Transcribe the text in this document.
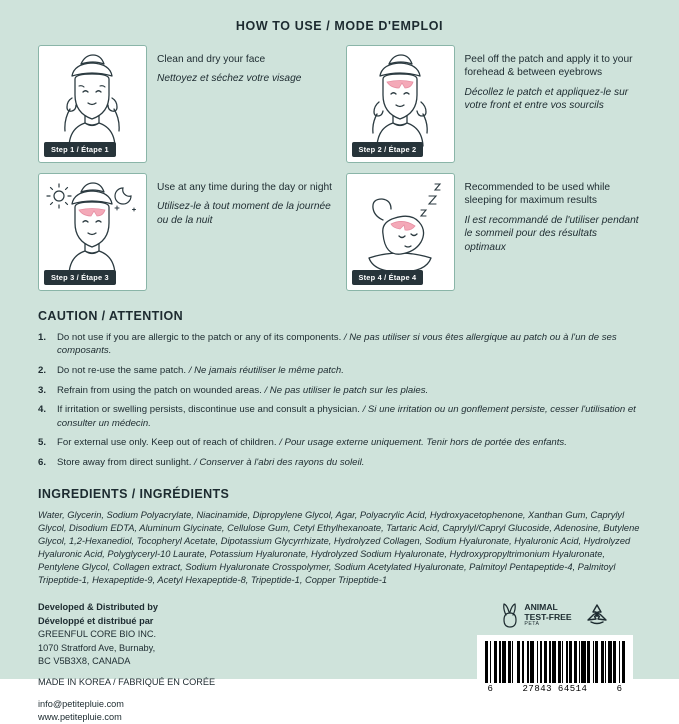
HOW TO USE / MODE D'EMPLOI
Step 1 / Étape 1
Clean and dry your face
Nettoyez et séchez votre visage
Step 2 / Étape 2
Peel off the patch and apply it to your forehead & between eyebrows
Décollez le patch et appliquez-le sur votre front et entre vos sourcils
Step 3 / Étape 3
Use at any time during the day or night
Utilisez-le à tout moment de la journée ou de la nuit
Step 4 / Étape 4
Recommended to be used while sleeping for maximum results
Il est recommandé de l'utiliser pendant le sommeil pour des résultats optimaux
CAUTION / ATTENTION
1. Do not use if you are allergic to the patch or any of its components. / Ne pas utiliser si vous êtes allergique au patch ou à l'un de ses composants.
2. Do not re-use the same patch. / Ne jamais réutiliser le même patch.
3. Refrain from using the patch on wounded areas. / Ne pas utiliser le patch sur les plaies.
4. If irritation or swelling persists, discontinue use and consult a physician. / Si une irritation ou un gonflement persiste, cesser l'utilisation et consulter un médecin.
5. For external use only. Keep out of reach of children. / Pour usage externe uniquement. Tenir hors de portée des enfants.
6. Store away from direct sunlight. / Conserver à l'abri des rayons du soleil.
INGREDIENTS / INGRÉDIENTS
Water, Glycerin, Sodium Polyacrylate, Niacinamide, Dipropylene Glycol, Agar, Polyacrylic Acid, Hydroxyacetophenone, Xanthan Gum, Caprylyl Glycol, Disodium EDTA, Aluminum Glycinate, Cellulose Gum, Cetyl Ethylhexanoate, Tartaric Acid, Caprylyl/Capryl Glucoside, Adenosine, Butylene Glycol, 1,2-Hexanediol, Tocopheryl Acetate, Dipotassium Glycyrrhizate, Hydrolyzed Collagen, Sodium Hyaluronate, Hyaluronic Acid, Hydrolyzed Hyaluronic Acid, Polyglyceryl-10 Laurate, Potassium Hyaluronate, Hydrolyzed Sodium Hyaluronate, Hydroxypropyltrimonium Hyaluronate, Pentylene Glycol, Collagen extract, Sodium Hyaluronate Crosspolymer, Sodium Acetylated Hyaluronate, Palmitoyl Pentapeptide-4, Palmitoyl Tripeptide-1, Hexapeptide-9, Acetyl Hexapeptide-8, Tripeptide-1, Copper Tripeptide-1
Developed & Distributed by
Développé et distribué par
GREENFUL CORE BIO INC.
1070 Stratford Ave, Burnaby,
BC V5B3X8, CANADA
MADE IN KOREA / FABRIQUÉ EN CORÉE
info@petitepluie.com
www.petitepluie.com
ANIMAL
TEST-FREE
PETA
6	27843 64514	6
